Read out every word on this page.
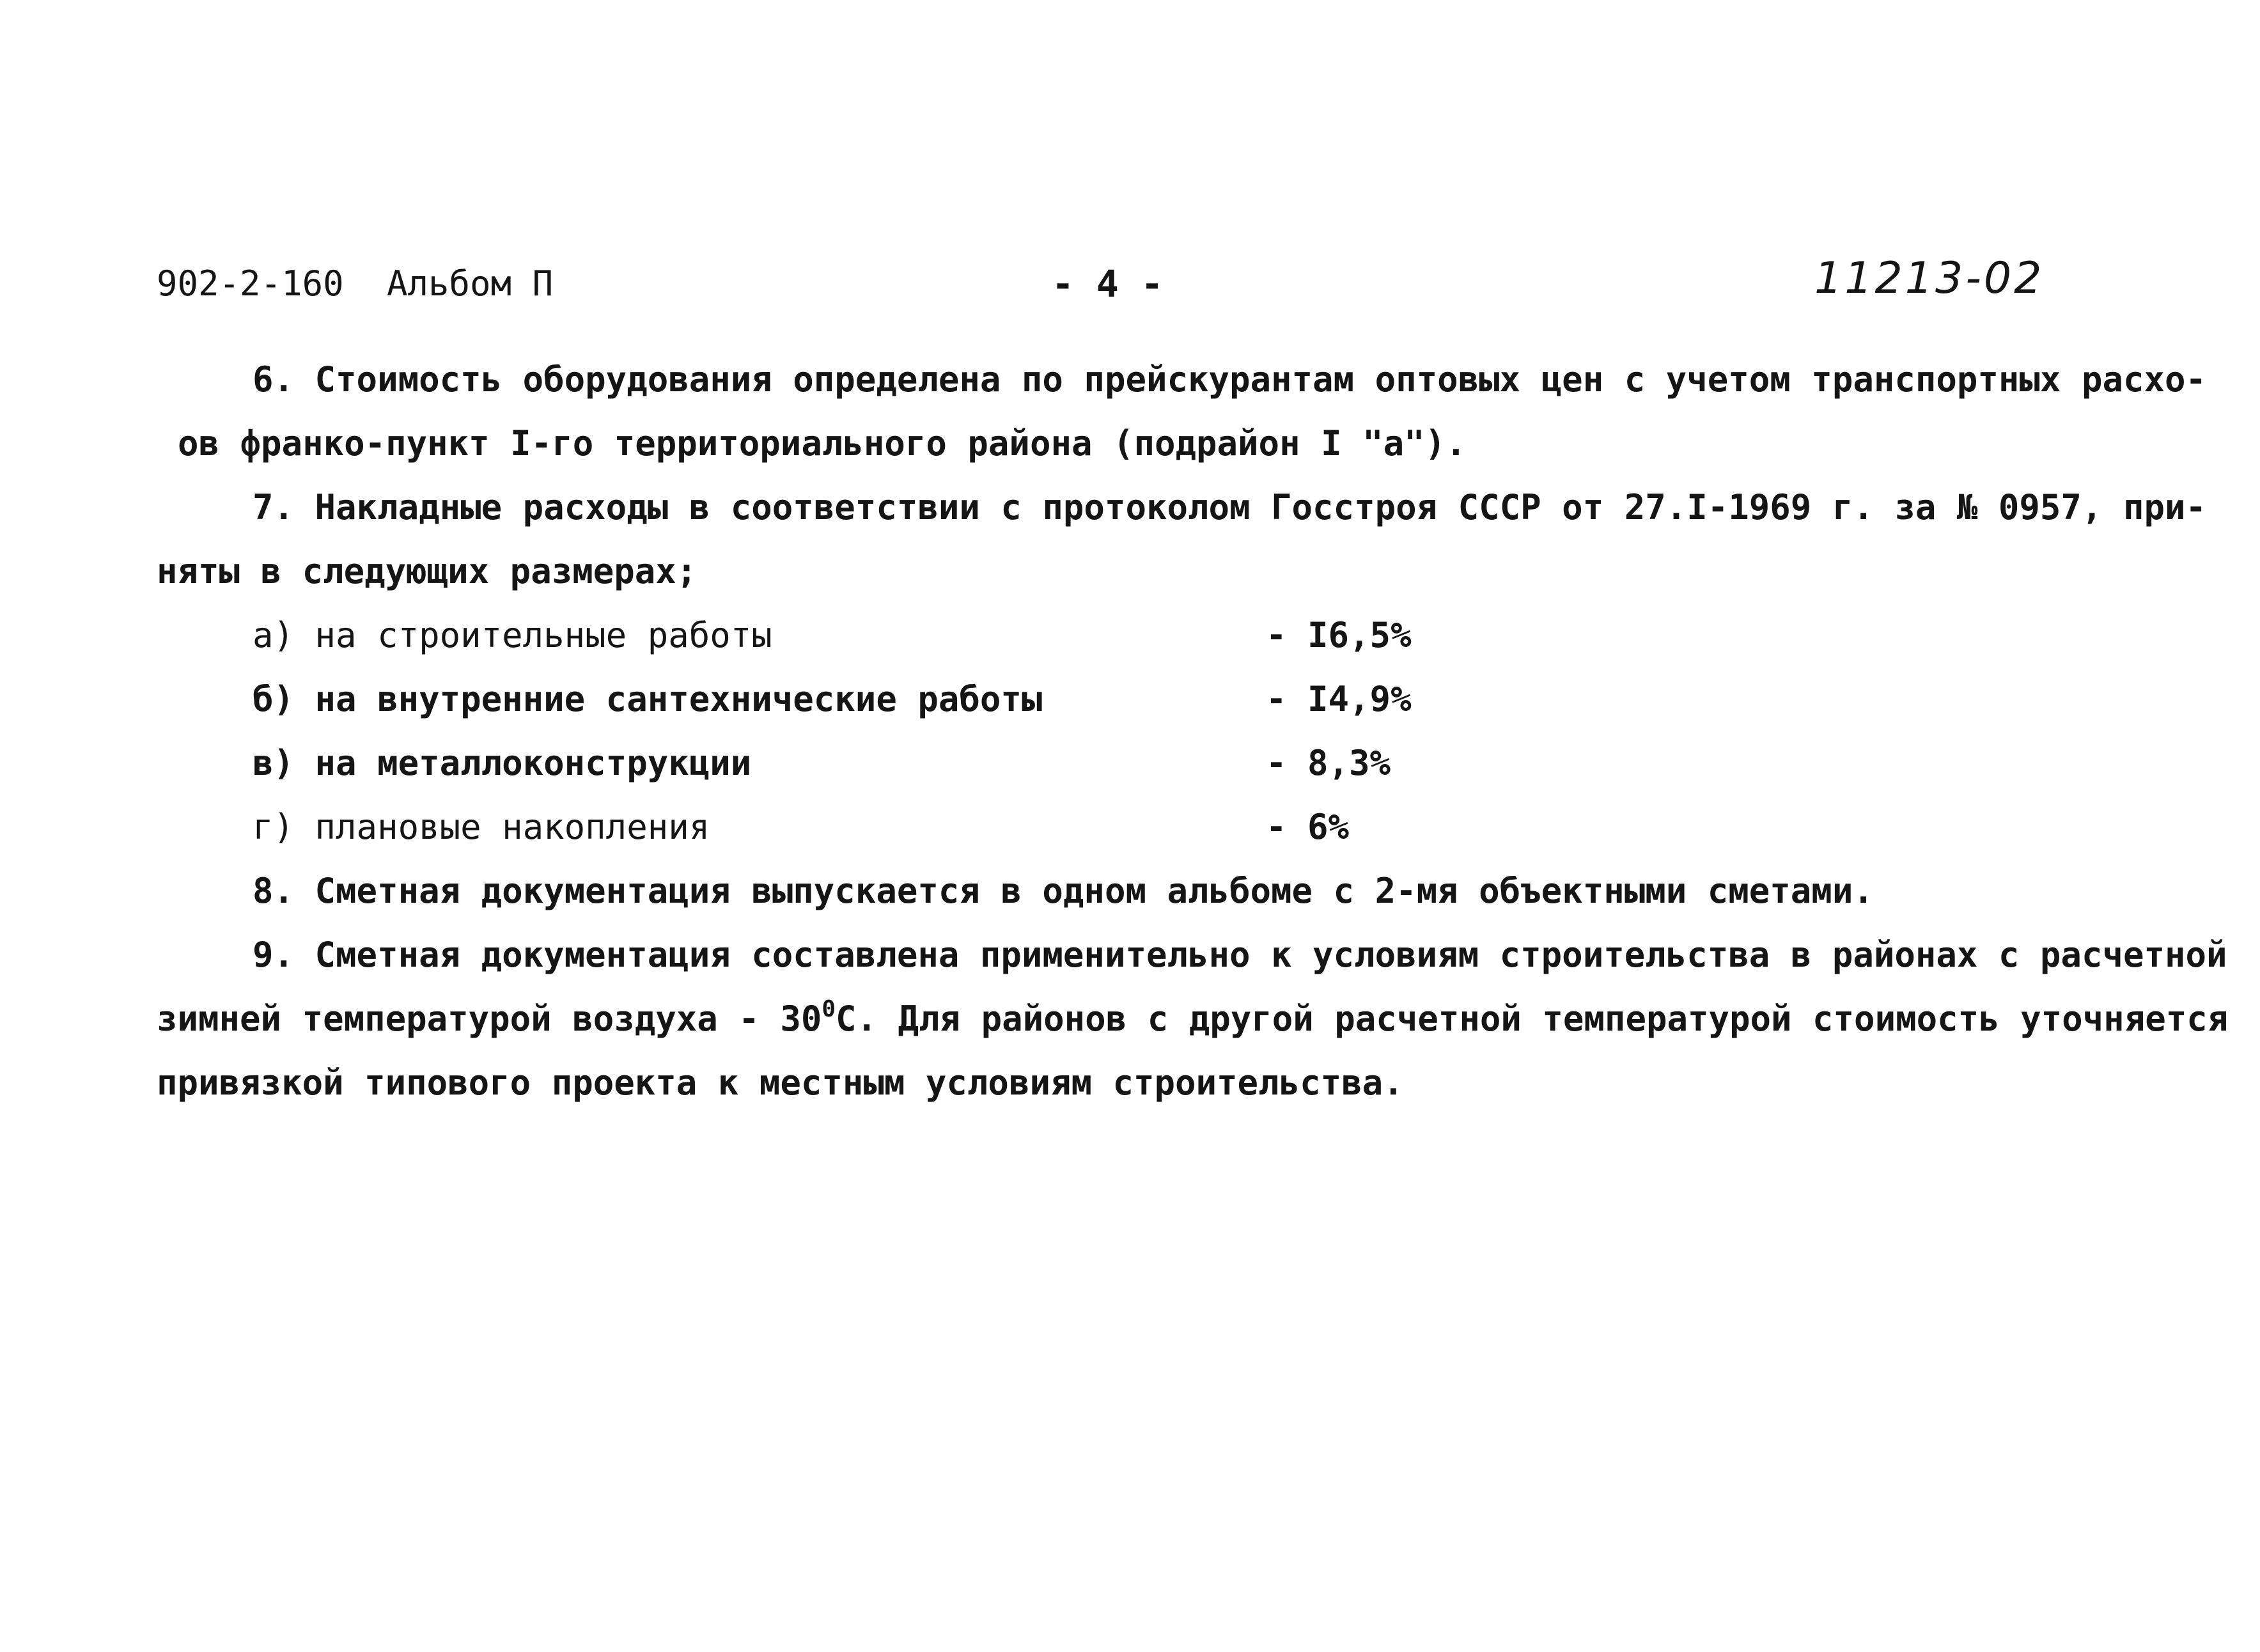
902-2-160 Альбом П	- 4 -	11213-02
6. Стоимость оборудования определена по прейскурантам оптовых цен с учетом транспортных расхо-
ов франко-пункт I-го территориального района (подрайон I "а").
7. Накладные расходы в соответствии с протоколом Госстроя СССР от 27.I-1969 г. за № 0957, при-
няты в следующих размерах;
а) на строительные работы	- I6,5%
б) на внутренние сантехнические работы	- I4,9%
в) на металлоконструкции	- 8,3%
г) плановые накопления	- 6%
8. Сметная документация выпускается в одном альбоме с 2-мя объектными сметами.
9. Сметная документация составлена применительно к условиям строительства в районах с расчетной
зимней температурой воздуха - $30^0С$. Для районов с другой расчетной температурой стоимость уточняется
привязкой типового проекта к местным условиям строительства.
